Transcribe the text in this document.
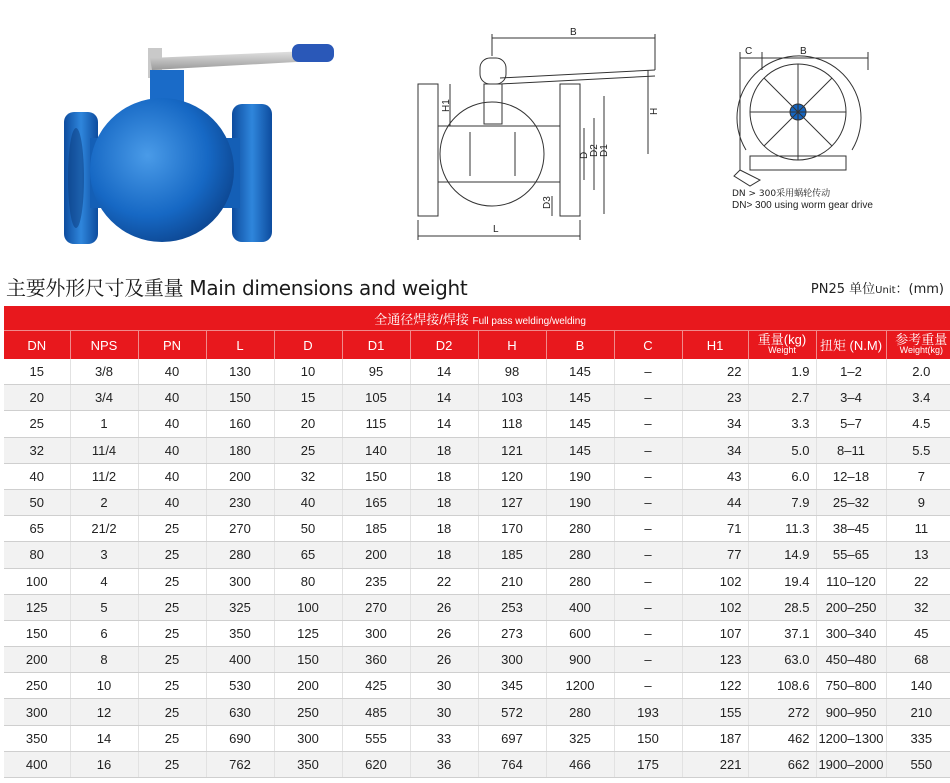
B
H1	H
D D2 D1
D3
L
C	B
DN > 300采用蜗轮传动
DN> 300 using worm gear drive
主要外形尺寸及重量 Main dimensions and weight	PN25 单位Unit：(mm)
全通径焊接/焊接 Full pass welding/welding													
DN	NPS	PN	L	D	D1	D2	H	B	C	H1	重量(kg)
Weight	扭矩 (N.M)	参考重量
Weight(kg)

15	3/8	40	130	10	95	14	98	145	–	22	1.9	1–2	2.0
20	3/4	40	150	15	105	14	103	145	–	23	2.7	3–4	3.4
25	1	40	160	20	115	14	118	145	–	34	3.3	5–7	4.5
32	11/4	40	180	25	140	18	121	145	–	34	5.0	8–11	5.5
40	11/2	40	200	32	150	18	120	190	–	43	6.0	12–18	7
50	2	40	230	40	165	18	127	190	–	44	7.9	25–32	9
65	21/2	25	270	50	185	18	170	280	–	71	11.3	38–45	11
80	3	25	280	65	200	18	185	280	–	77	14.9	55–65	13
100	4	25	300	80	235	22	210	280	–	102	19.4	110–120	22
125	5	25	325	100	270	26	253	400	–	102	28.5	200–250	32
150	6	25	350	125	300	26	273	600	–	107	37.1	300–340	45
200	8	25	400	150	360	26	300	900	–	123	63.0	450–480	68
250	10	25	530	200	425	30	345	1200	–	122	108.6	750–800	140
300	12	25	630	250	485	30	572	280	193	155	272	900–950	210
350	14	25	690	300	555	33	697	325	150	187	462	1200–1300	335
400	16	25	762	350	620	36	764	466	175	221	662	1900–2000	550
